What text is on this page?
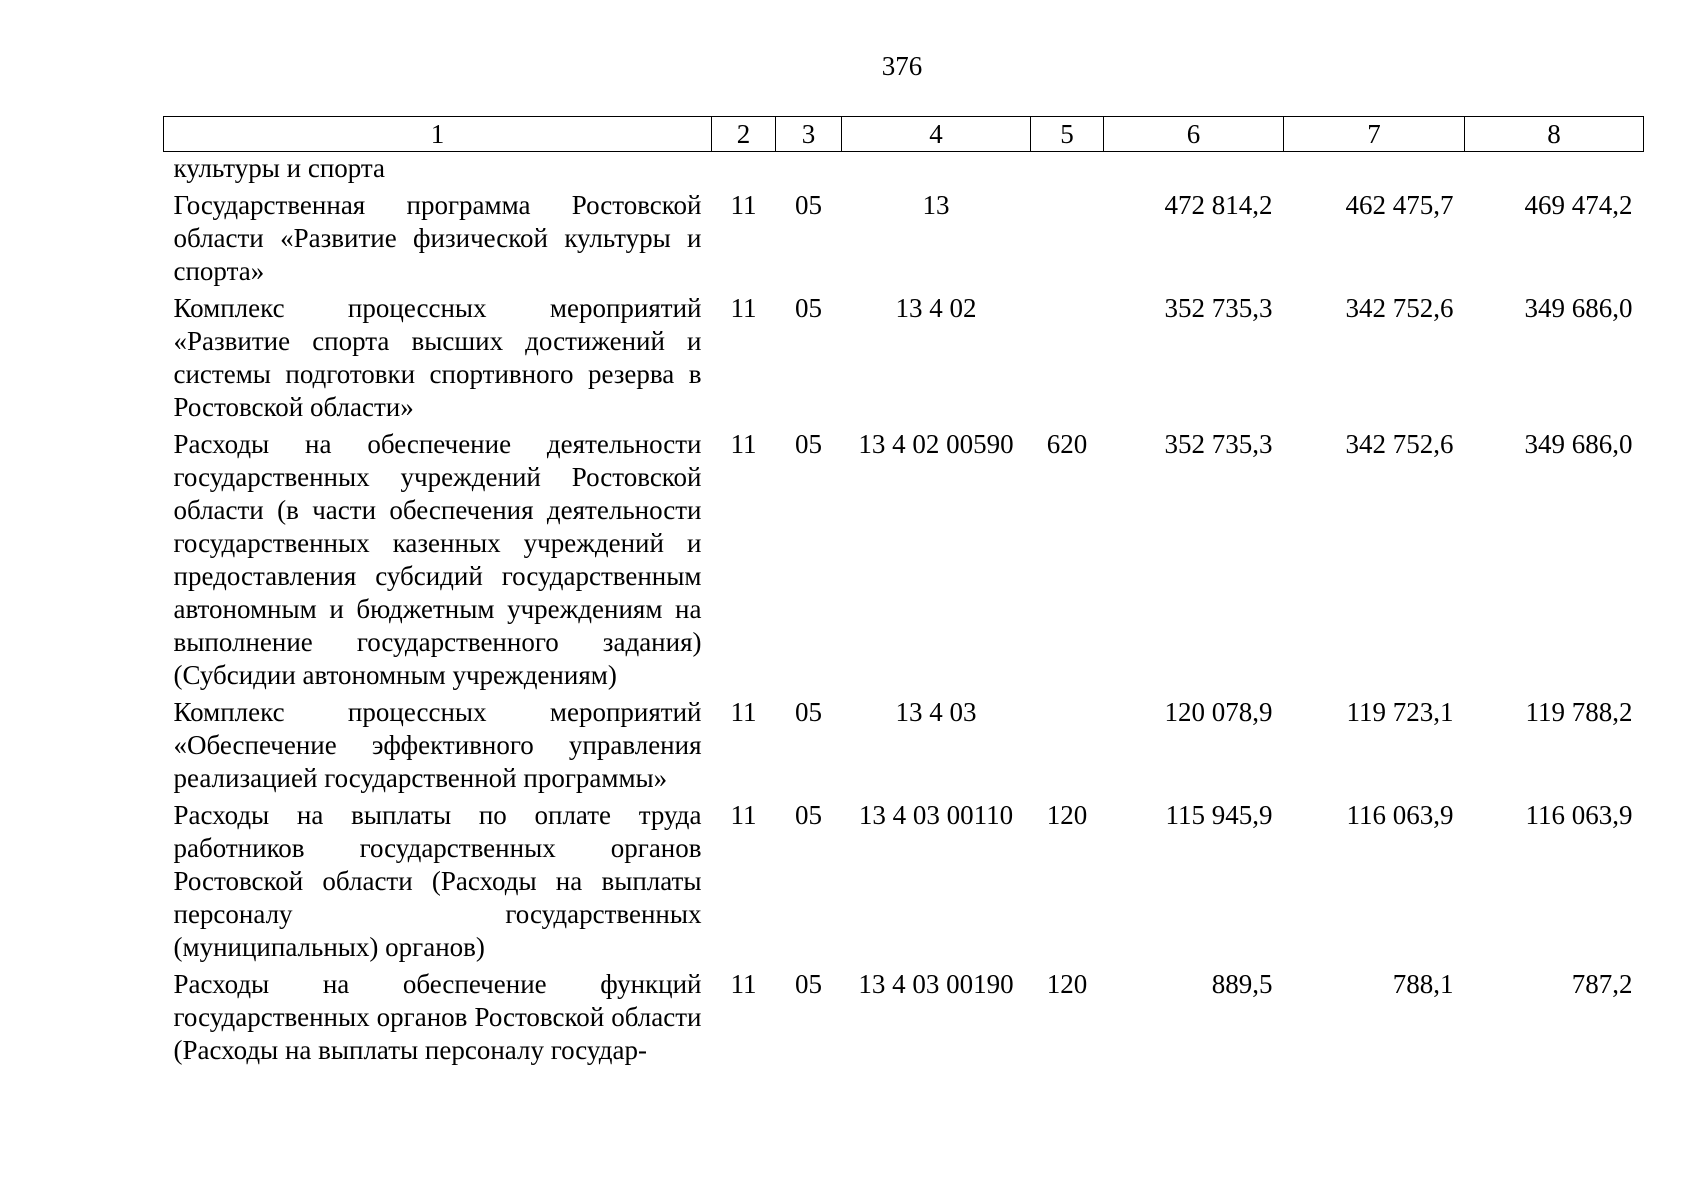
376
1	2	3	4	5	6	7	8
культуры и спорта							
Государственная программа Ростовской области «Развитие физической культуры и спорта»	11	05	13		472 814,2	462 475,7	469 474,2
Комплекс процессных мероприятий «Развитие спорта высших достижений и системы подготовки спортивного резерва в Ростовской области»	11	05	13 4 02		352 735,3	342 752,6	349 686,0
Расходы на обеспечение деятельности государственных учреждений Ростовской области (в части обеспечения деятельности государственных казенных учреждений и предоставления субсидий государственным автономным и бюджетным учреждениям на выполнение государственного задания) (Субсидии автономным учреждениям)	11	05	13 4 02 00590	620	352 735,3	342 752,6	349 686,0
Комплекс процессных мероприятий «Обеспечение эффективного управления реализацией государственной программы»	11	05	13 4 03		120 078,9	119 723,1	119 788,2
Расходы на выплаты по оплате труда работников государственных органов Ростовской области (Расходы на выплаты персоналу государственных (муниципальных) органов)	11	05	13 4 03 00110	120	115 945,9	116 063,9	116 063,9
Расходы на обеспечение функций государственных органов Ростовской области (Расходы на выплаты персоналу государ-	11	05	13 4 03 00190	120	889,5	788,1	787,2
